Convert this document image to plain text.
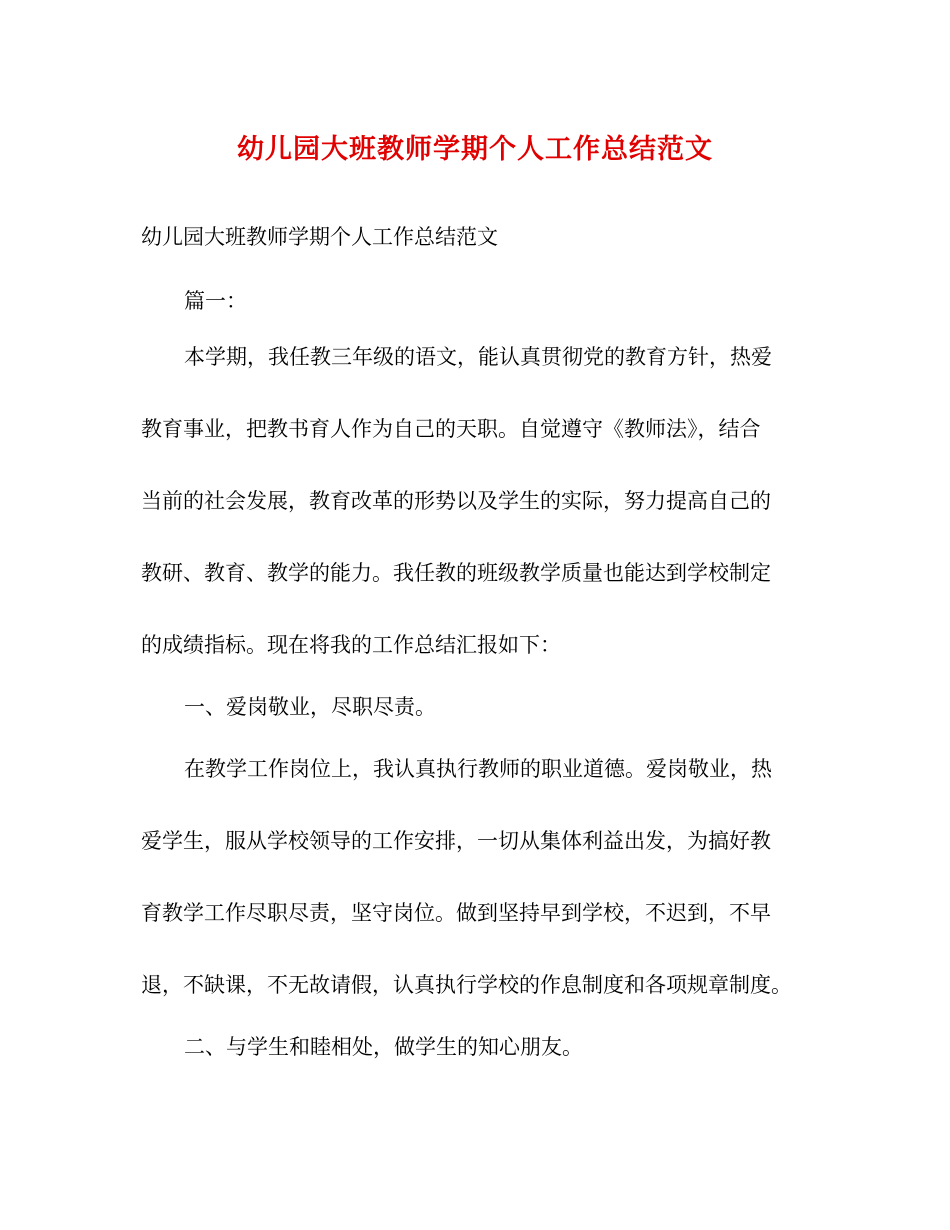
幼儿园大班教师学期个人工作总结范文
幼儿园大班教师学期个人工作总结范文
篇一：
本学期，我任教三年级的语文，能认真贯彻党的教育方针，热爱
教育事业，把教书育人作为自己的天职。自觉遵守《教师法》，结合
当前的社会发展，教育改革的形势以及学生的实际，努力提高自己的
教研、教育、教学的能力。我任教的班级教学质量也能达到学校制定
的成绩指标。现在将我的工作总结汇报如下：
一、爱岗敬业，尽职尽责。
在教学工作岗位上，我认真执行教师的职业道德。爱岗敬业，热
爱学生，服从学校领导的工作安排，一切从集体利益出发，为搞好教
育教学工作尽职尽责，坚守岗位。做到坚持早到学校，不迟到，不早
退，不缺课，不无故请假，认真执行学校的作息制度和各项规章制度。
二、与学生和睦相处，做学生的知心朋友。
